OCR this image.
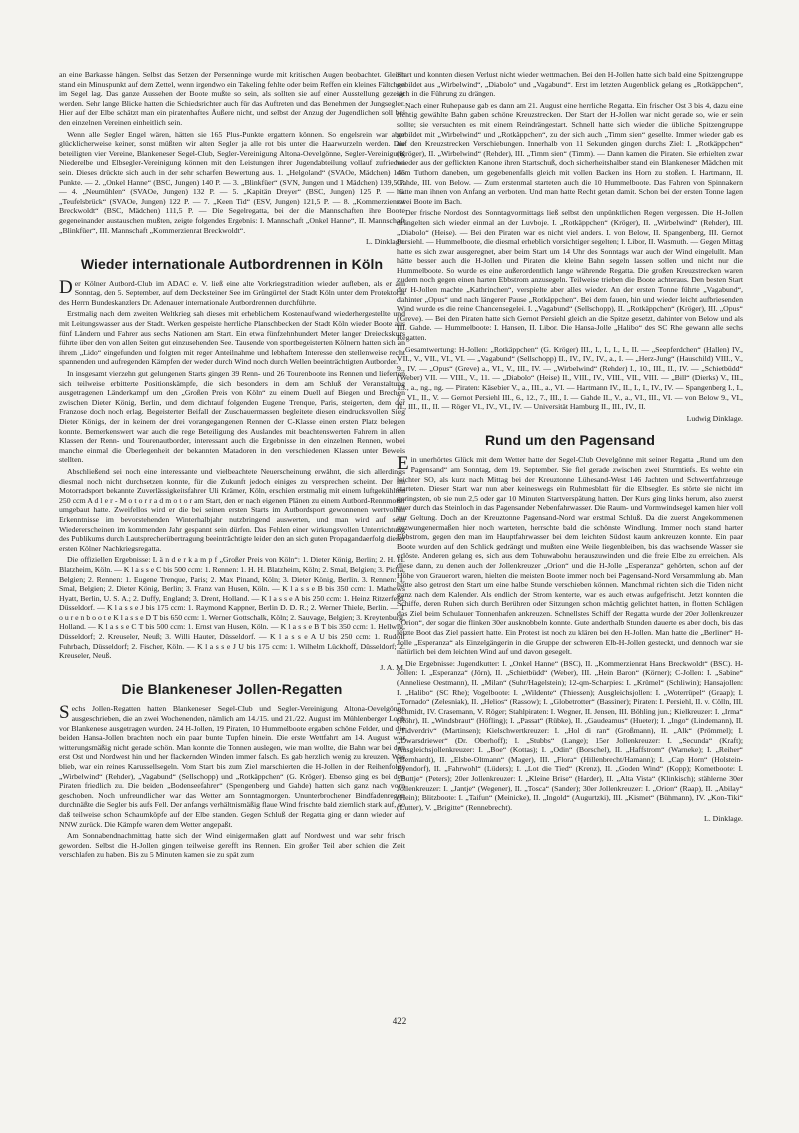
an eine Barkasse hängen. Selbst das Setzen der Persenninge wurde mit kritischen Augen beobachtet. Gleich stand ein Minuspunkt auf dem Zettel, wenn irgendwo ein Takeling fehlte oder beim Reffen ein kleines Fältchen im Segel lag. Das ganze Aussehen der Boote mußte so sein, als sollten sie auf einer Ausstellung gezeigt werden. Sehr lange Blicke hatten die Schiedsrichter auch für das Auftreten und das Benehmen der Jungsegler. Hier auf der Elbe schätzt man ein piratenhaftes Äußere nicht, und selbst der Anzug der Jugendlichen soll bei den einzelnen Vereinen einheitlich sein.

Wenn alle Segler Engel wären, hätten sie 165 Plus-Punkte ergattern können. So engelsrein war aber glücklicherweise keiner, sonst müßten wir alten Segler ja alle rot bis unter die Haarwurzeln werden. Die beteiligten vier Vereine, Blankeneser Segel-Club, Segler-Vereinigung Altona-Oevelgönne, Segler-Vereinigung Niederelbe und Elbsegler-Vereinigung können mit den Leistungen ihrer Jugendabteilung vollauf zufrieden sein. Dieses drückte sich auch in der sehr scharfen Bewertung aus. 1. „Helgoland“ (SVAOe, Mädchen) 145 Punkte. — 2. „Onkel Hanne“ (BSC, Jungen) 140 P. — 3. „Blinkfüer“ (SVN, Jungen und 1 Mädchen) 139,5 P. — 4. „Neumühlen“ (SVAOe, Jungen) 132 P. — 5. „Kapitän Dreyer“ (BSC, Jungen) 125 P. — 6. „Teufelsbrück“ (SVAOe, Jungen) 122 P. — 7. „Keen Tid“ (ESV, Jungen) 121,5 P. — 8. „Kommerzienrat Breckwoldt“ (BSC, Mädchen) 111,5 P. — Die Segelregatta, bei der die Mannschaften ihre Boote gegeneinander austauschen mußten, zeigte folgendes Ergebnis: I. Mannschaft „Onkel Hanne“, II. Mannschaft „Blinkfüer“, III. Mannschaft „Kommerzienrat Breckwoldt“.

L. Dinklage.

Wieder internationale Autbordrennen in Köln

Der Kölner Autbord-Club im ADAC e. V. ließ eine alte Vorkriegstradition wieder aufleben, als er am Sonntag, den 5. September, auf dem Decksteiner See im Grüngürtel der Stadt Köln unter dem Protektorat des Herrn Bundeskanzlers Dr. Adenauer internationale Autbordrennen durchführte.

Erstmalig nach dem zweiten Weltkrieg sah dieses mit erheblichem Kostenaufwand wiederhergestellte und mit Leitungswasser aus der Stadt. Werken gespeiste herrliche Planschbecken der Stadt Köln wieder Boote aus fünf Ländern und Fahrer aus sechs Nationen am Start. Ein etwa fünfzehnhundert Meter langer Dreieckskurs führte über den von allen Seiten gut einzusehenden See. Tausende von sportbegeisterten Kölnern hatten sich an ihrem „Lido“ eingefunden und folgten mit reger Anteilnahme und lebhaftem Interesse den stellenweise recht spannenden und aufregenden Kämpfen der weder durch Wind noch durch Wellen beeinträchtigten Autborder.

In insgesamt vierzehn gut gelungenen Starts gingen 39 Renn- und 26 Tourenboote ins Rennen und lieferten sich teilweise erbitterte Positionskämpfe, die sich besonders in dem am Schluß der Veranstaltung ausgetragenen Länderkampf um den „Großen Preis von Köln“ zu einem Duell auf Biegen und Brechen zwischen Dieter König, Berlin, und dem dichtauf folgenden Eugene Trenque, Paris, steigerten, dem der Franzose doch noch erlag. Begeisterter Beifall der Zuschauermassen begleitete diesen eindrucksvollen Sieg Dieter Königs, der in keinem der drei vorangegangenen Rennen der C-Klasse einen ersten Platz belegen konnte. Bemerkenswert war auch die rege Beteiligung des Auslandes mit beachtenswerten Fahrern in allen Klassen der Renn- und Tourenautborder, interessant auch die Ergebnisse in den einzelnen Rennen, wobei manche einmal die Überlegenheit der bekannten Matadoren in den verschiedenen Klassen unter Beweis stellten.

Abschließend sei noch eine interessante und vielbeachtete Neuerscheinung erwähnt, die sich allerdings diesmal noch nicht durchsetzen konnte, für die Zukunft jedoch einiges zu versprechen scheint. Der im Motorradsport bekannte Zuverlässigkeitsfahrer Uli Krämer, Köln, erschien erstmalig mit einem luftgekühlten 250 ccm A d l e r - M o t o r r a d m o t o r am Start, den er nach eigenen Plänen zu einem Autbord-Rennmotor umgebaut hatte. Zweifellos wird er die bei seinen ersten Starts im Autbordsport gewonnenen wertvollen Erkenntnisse im bevorstehenden Winterhalbjahr nutzbringend auswerten, und man wird auf sein Wiedererscheinen im kommenden Jahr gespannt sein dürfen. Das Fehlen einer wirkungsvollen Unterrichtung des Publikums durch Lautsprecherübertragung beeinträchtigte leider den an sich guten Propagandaerfolg dieser ersten Kölner Nachkriegsregatta.

Die offiziellen Ergebnisse: L ä n d e r k a m p f „Großer Preis von Köln“: 1. Dieter König, Berlin; 2. H. H. Blatzheim, Köln. — K l a s s e C bis 500 ccm: 1. Rennen: 1. H. H. Blatzheim, Köln; 2. Smal, Belgien; 3. Picha, Belgien; 2. Rennen: 1. Eugene Trenque, Paris; 2. Max Pinand, Köln; 3. Dieter König, Berlin. 3. Rennen: 1. Smal, Belgien; 2. Dieter König, Berlin; 3. Franz van Husen, Köln. — K l a s s e B bis 350 ccm: 1. Mathews Hyatt, Berlin, U. S. A.; 2. Duffy, England; 3. Drent, Holland. — K l a s s e A bis 250 ccm: 1. Heinz Ritzerfeld, Düsseldorf. — K l a s s e J bis 175 ccm: 1. Raymond Kappner, Berlin D. D. R.; 2. Werner Thiele, Berlin. — T o u r e n b o o t e K l a s s e D T bis 650 ccm: 1. Werner Gottschalk, Köln; 2. Sauvage, Belgien; 3. Kreytenburg, Holland. — K l a s s e C T bis 500 ccm: 1. Ernst van Husen, Köln. — K l a s s e B T bis 350 ccm: 1. Hellwig, Düsseldorf; 2. Kreuseler, Neuß; 3. Willi Hauter, Düsseldorf. — K l a s s e A U bis 250 ccm: 1. Rudolf Fuhrbach, Düsseldorf; 2. Fischer, Köln. — K l a s s e J U bis 175 ccm: 1. Wilhelm Lückhoff, Düsseldorf; 2. Kreuseler, Neuß.

J. A. M.

Die Blankeneser Jollen-Regatten

Sechs Jollen-Regatten hatten Blankeneser Segel-Club und Segler-Vereinigung Altona-Oevelgönne ausgeschrieben, die an zwei Wochenenden, nämlich am 14./15. und 21./22. August im Mühlenberger Loch vor Blankenese ausgetragen wurden. 24 H-Jollen, 19 Piraten, 10 Hummelboote ergaben schöne Felder, und die beiden Hansa-Jollen brachten noch ein paar bunte Tupfen hinein. Die erste Wettfahrt am 14. August war witterungsmäßig nicht gerade schön. Man konnte die Tonnen auslegen, wie man wollte, die Bahn war bei den erst Ost und Nordwest hin und her flackernden Winden immer falsch. Es gab herzlich wenig zu kreuzen. Was blieb, war ein reines Karussellsegeln. Vom Start bis zum Ziel marschierten die H-Jollen in der Reihenfolge „Wirbelwind“ (Rehder), „Vagabund“ (Sellschopp) und „Rotkäppchen“ (G. Kröger). Ebenso ging es bei den Piraten friedlich zu. Die beiden „Bodenseefahrer“ (Spengenberg und Gahde) hatten sich ganz nach vorn geschoben. Noch unfreundlicher war das Wetter am Sonntagmorgen. Ununterbrochener Bindfadenregen durchnäßte die Segler bis aufs Fell. Der anfangs verhältnismäßig flaue Wind frischte bald ziemlich stark auf, so daß teilweise schon Schaumköpfe auf der Elbe standen. Gegen Schluß der Regatta ging er dann wieder auf NNW zurück. Die Kämpfe waren dem Wetter angepaßt.

Am Sonnabendnachmittag hatte sich der Wind einigermaßen glatt auf Nordwest und war sehr frisch geworden. Selbst die H-Jollen gingen teilweise gerefft ins Rennen. Ein großer Teil aber schien die Zeit verschlafen zu haben. Bis zu 5 Minuten kamen sie zu spät zum

Start und konnten diesen Verlust nicht wieder wettmachen. Bei den H-Jollen hatte sich bald eine Spitzengruppe gebildet aus „Wirbelwind“, „Diabolo“ und „Vagabund“. Erst im letzten Augenblick gelang es „Rotkäppchen“, sich in die Führung zu drängen.

Nach einer Ruhepause gab es dann am 21. August eine herrliche Regatta. Ein frischer Ost 3 bis 4, dazu eine richtig gewählte Bahn gaben schöne Kreuzstrecken. Der Start der H-Jollen war nicht gerade so, wie er sein sollte; sie versuchten es mit einem Reindrängestart. Schnell hatte sich wieder die übliche Spitzengruppe gebildet mit „Wirbelwind“ und „Rotkäppchen“, zu der sich auch „Timm sien“ gesellte. Immer wieder gab es auf den Kreuzstrecken Verschiebungen. Innerhalb von 11 Sekunden gingen durchs Ziel: I. „Rotkäppchen“ (Kröger), II. „Wirbelwind“ (Rehder), III. „Timm sien“ (Timm). — Dann kamen die Piraten. Sie erhielten zwar wieder aus der geflickten Kanone ihren Startschuß, doch sicherheitshalber stand ein Blankeneser Mädchen mit dem Tuthorn daneben, um gegebenenfalls gleich mit vollen Backen ins Horn zu stoßen. I. Hartmann, II. Gahde, III. von Below. — Zum erstenmal starteten auch die 10 Hummelboote. Das Fahren von Spinnakern hatte man ihnen von Anfang an verboten. Und man hatte Recht getan damit. Schon bei der ersten Tonne lagen zwei Boote im Bach.

Der frische Nordost des Sonntagvormittags ließ selbst den unpünktlichen Regen vergessen. Die H-Jollen drängelten sich wieder einmal an der Luvboje. I. „Rotkäppchen“ (Kröger), II. „Wirbelwind“ (Rehder), III. „Diabolo“ (Heise). — Bei den Piraten war es nicht viel anders. I. von Below, II. Spangenberg, III. Gernot Persiehl. — Hummelboote, die diesmal erheblich vorsichtiger segelten; I. Libor, II. Wasmuth. — Gegen Mittag hatte es sich zwar ausgeregnet, aber beim Start um 14 Uhr des Sonntags war auch der Wind eingelullt. Man hätte besser auch die H-Jollen und Piraten die kleine Bahn segeln lassen sollen und nicht nur die Hummelboote. So wurde es eine außerordentlich lange währende Regatta. Die großen Kreuzstrecken waren zudem noch gegen einen harten Ebbstrom anzusegeln. Teilweise trieben die Boote achteraus. Den besten Start der H-Jollen machte „Kathrinchen“, verspielte aber alles wieder. An der ersten Tonne führte „Vagabund“, dahinter „Opus“ und nach längerer Pause „Rotkäppchen“. Bei dem fauen, hin und wieder leicht aufbriesenden Wind wurde es die reine Chancensegelei. I. „Vagabund“ (Sellschopp), II. „Rotkäppchen“ (Kröger), III. „Opus“ (Greve). — Bei den Piraten hatte sich Gernot Persiehl gleich an die Spitze gesetzt, dahinter von Below und als III. Gahde. — Hummelboote: I. Hansen, II. Libor. Die Hansa-Jolle „Halibo“ des SC Rhe gewann alle sechs Regatten.

Gesamtwertung: H-Jollen: „Rotkäppchen“ (G. Kröger) III., I., I., I., I., II. — „Seepferdchen“ (Hallen) IV., VII., V., VII., VI., VI. — „Vagabund“ (Sellschopp) II., IV., IV., IV., a., I. — „Herz-Jung“ (Hauschild) VIII., V., 9., IV. — „Opus“ (Greve) a., VI., V., III., IV. — „Wirbelwind“ (Rehder) I., 10., III., II., IV. — „Schietbüdd“ (Weber) VII. — VIII., V., 11. — „Diabolo“ (Heise) II., VIII., IV., VIII., VII., VIII. — „Bill“ (Dierks) V., III., 13., a., ng., ng. — Piraten: Käsebier V., a., III., a., VI. — Hartmann IV., II., I., I., IV., IV. — Spangenberg I., I., 7., VI., II., V. — Gernot Persiehl III., 6., 12., 7., III., I. — Gahde II., V., a., VI., III., VI. — von Below 9., VI., II., III., II., II. — Röger VI., IV., VI., IV. — Universität Hamburg II., III., IV., II.

Ludwig Dinklage.

Rund um den Pagensand

Ein unerhörtes Glück mit dem Wetter hatte der Segel-Club Oevelgönne mit seiner Regatta „Rund um den Pagensand“ am Sonntag, dem 19. September. Sie fiel gerade zwischen zwei Sturmtiefs. Es wehte ein leichter SO, als kurz nach Mittag bei der Kreuztonne Lühesand-West 146 Jachten und Schwertfahrzeuge starteten. Dieser Start war nun aber keineswegs ein Ruhmesblatt für die Elbsegler. Es störte sie nicht im geringsten, ob sie nun 2,5 oder gar 10 Minuten Startverspätung hatten. Der Kurs ging links herum, also zuerst quer durch das Steinloch in das Pagensander Nebenfahrwasser. Die Raum- und Vormwindsegel kamen hier voll zur Geltung. Doch an der Kreuztonne Pagensand-Nord war erstmal Schluß. Da die zuerst Angekommenen gezwungenermaßen hier noch warteten, herrschte bald die schönste Windlung. Immer noch stand harter Ebbstrom, gegen den man im Hauptfahrwasser bei dem leichten Südost kaum ankreuzen konnte. Ein paar Boote wurden auf den Schlick gedrängt und mußten eine Weile liegenbleiben, bis das wachsende Wasser sie erlöste. Anderen gelang es, sich aus dem Tohuwabohu herauszuwinden und die freie Elbe zu erreichen. Als diese dann, zu denen auch der Jollenkreuzer „Orion“ und die H-Jolle „Esperanza“ gehörten, schon auf der Höhe von Grauerort waren, hielten die meisten Boote immer noch bei Pagensand-Nord Versammlung ab. Man hätte also getrost den Start um eine halbe Stunde verschieben können. Manchmal richten sich die Tiden nicht ganz nach dem Kalender. Als endlich der Strom kenterte, war es auch etwas aufgefrischt. Jetzt konnten die Schiffe, deren Ruhen sich durch Berühren oder Sitzungen schon mächtig gelichtet hatten, in flotten Schlägen das Ziel beim Schulauer Tonnenhafen ankreuzen. Schnellstes Schiff der Regatta wurde der 20er Jollenkreuzer „Orion“, der sogar die flinken 30er ausknobbeln konnte. Gute anderthalb Stunden dauerte es aber doch, bis das letzte Boot das Ziel passiert hatte. Ein Protest ist noch zu klären bei den H-Jollen. Man hatte die „Berliner“ H-Jolle „Esperanza“ als Einzelgängerin in die Gruppe der schweren Elb-H-Jollen gesteckt, und dennoch war sie natürlich bei dem leichten Wind auf und davon gesegelt.

Die Ergebnisse: Jugendkutter: I. „Onkel Hanne“ (BSC), II. „Kommerzienrat Hans Breckwoldt“ (BSC). H-Jollen: I. „Esperanza“ (Jörn), II. „Schietbüdd“ (Weber), III. „Hein Baron“ (Körner); C-Jollen: I. „Sabine“ (Anneliese Oestmann), II. „Milan“ (Suhr/Hagelstein); 12-qm-Scharpies: I. „Krümel“ (Schliwin); Hansajollen: I. „Halibo“ (SC Rhe); Vogelboote: I. „Wildente“ (Thiessen); Ausgleichsjollen: I. „Woterrüpel“ (Graap); I. „Tornado“ (Zelesniak), II. „Helios“ (Rassow); I. „Globetrotter“ (Bassiner); Piraten: I. Persiehl, II. v. Cölln, III. Schmidt, IV. Crasemann, V. Röger; Stahlpiraten: I. Wegner, II. Jensen, III. Böhling jun.; Kielkreuzer: I. „Irma“ (Röhr), II. „Windsbraut“ (Höfling); I. „Passat“ (Rübke), II. „Gaudeamus“ (Hueter); I. „Ingo“ (Lindemann), II. „Tidverdriv“ (Martinsen); Kielschwertkreuzer: I. „Hol di ran“ (Großmann), II. „Alk“ (Prömmel); I. „Dwarsdriewer“ (Dr. Oberhoff); I. „Stubbs“ (Lange); 15er Jollenkreuzer: I. „Secunda“ (Kraft); Ausgleichsjollenkreuzer: I. „Boe“ (Kottas); I. „Odin“ (Borschel), II. „Haffstrom“ (Warneke); I. „Reiher“ (Bernhardt), II. „Elsbe-Oltmann“ (Mager), III. „Flora“ (Hillenbrecht/Hamann); I. „Cap Horn“ (Holstein-Eyendorf), II. „Fahrwohl“ (Lüders); I. „Lot die Tied“ (Krenz), II. „Goden Wind“ (Kopp); Kometboote: I. „Buttje“ (Peters); 20er Jollenkreuzer: I. „Kleine Brise“ (Harder), II. „Alta Vista“ (Klinkisch); stählerne 30er Jollenkreuzer: I. „Jantje“ (Wegener), II. „Tosca“ (Sander); 30er Jollenkreuzer: I. „Orion“ (Raap), II. „Abilay“ (Hein); Blitzboote: I. „Taifun“ (Meinicke), II. „Ingold“ (Augurtzki), III. „Kismet“ (Bühmann), IV. „Kon-Tiki“ (Lutter), V. „Brigitte“ (Rennebrecht).

L. Dinklage.

422
